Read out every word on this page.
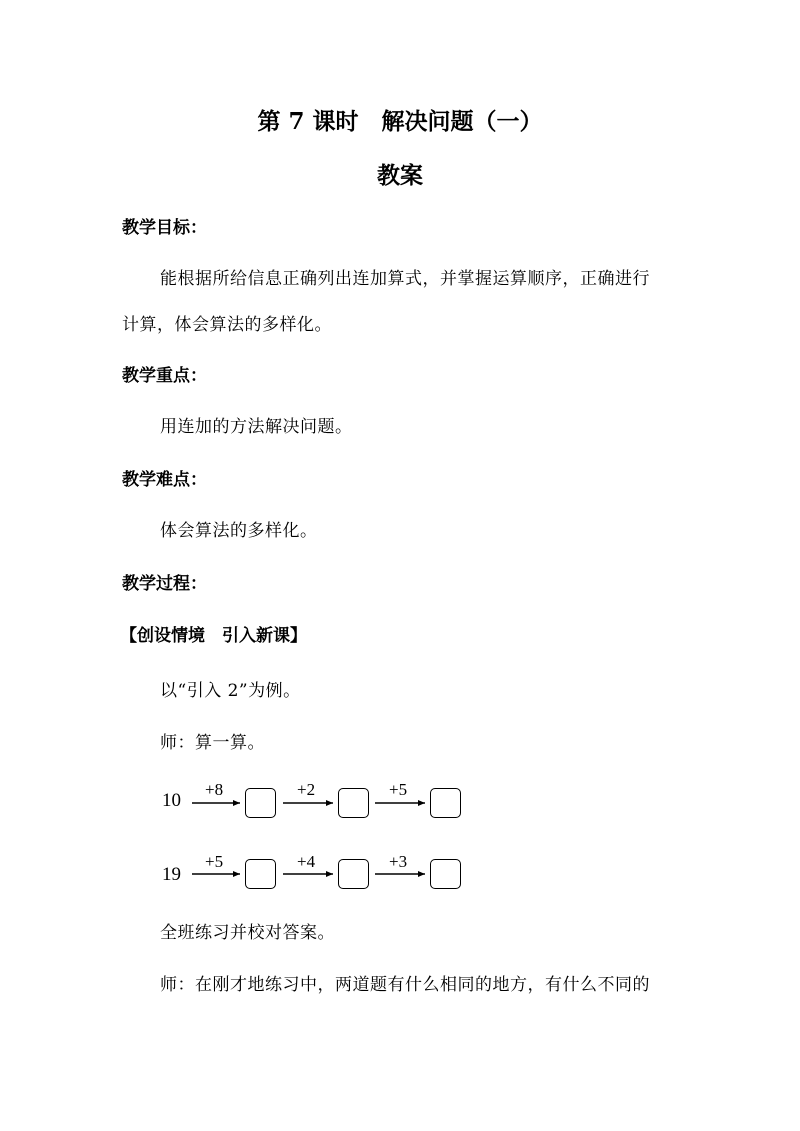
第 7 课时　解决问题（一）
教案
教学目标：
能根据所给信息正确列出连加算式，并掌握运算顺序，正确进行
计算，体会算法的多样化。
教学重点：
用连加的方法解决问题。
教学难点：
体会算法的多样化。
教学过程：
【创设情境　引入新课】
以“引入 2”为例。
师：算一算。
10
+8	+2	+5
19
+5	+4	+3
全班练习并校对答案。
师：在刚才地练习中，两道题有什么相同的地方，有什么不同的
